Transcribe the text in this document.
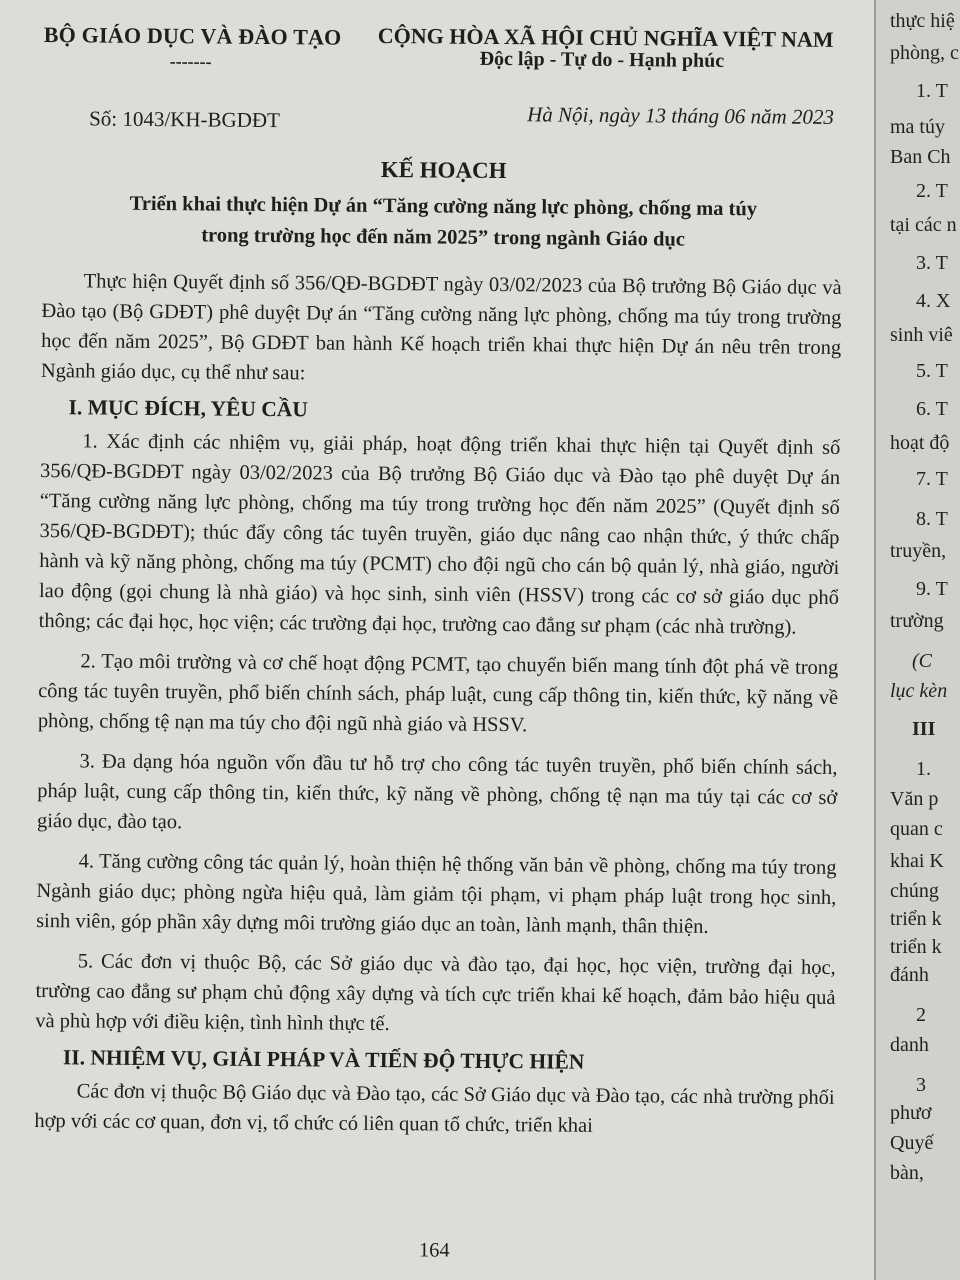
BỘ GIÁO DỤC VÀ ĐÀO TẠO
-------
CỘNG HÒA XÃ HỘI CHỦ NGHĨA VIỆT NAM
Độc lập - Tự do - Hạnh phúc
Số: 1043/KH-BGDĐT	Hà Nội, ngày 13 tháng 06 năm 2023
KẾ HOẠCH
Triển khai thực hiện Dự án “Tăng cường năng lực phòng, chống ma túy
trong trường học đến năm 2025” trong ngành Giáo dục

Thực hiện Quyết định số 356/QĐ-BGDĐT ngày 03/02/2023 của Bộ trưởng Bộ Giáo dục và Đào tạo (Bộ GDĐT) phê duyệt Dự án “Tăng cường năng lực phòng, chống ma túy trong trường học đến năm 2025”, Bộ GDĐT ban hành Kế hoạch triển khai thực hiện Dự án nêu trên trong Ngành giáo dục, cụ thể như sau:

I. MỤC ĐÍCH, YÊU CẦU

1. Xác định các nhiệm vụ, giải pháp, hoạt động triển khai thực hiện tại Quyết định số 356/QĐ-BGDĐT ngày 03/02/2023 của Bộ trưởng Bộ Giáo dục và Đào tạo phê duyệt Dự án “Tăng cường năng lực phòng, chống ma túy trong trường học đến năm 2025” (Quyết định số 356/QĐ-BGDĐT); thúc đẩy công tác tuyên truyền, giáo dục nâng cao nhận thức, ý thức chấp hành và kỹ năng phòng, chống ma túy (PCMT) cho đội ngũ cho cán bộ quản lý, nhà giáo, người lao động (gọi chung là nhà giáo) và học sinh, sinh viên (HSSV) trong các cơ sở giáo dục phổ thông; các đại học, học viện; các trường đại học, trường cao đẳng sư phạm (các nhà trường).

2. Tạo môi trường và cơ chế hoạt động PCMT, tạo chuyển biến mang tính đột phá về trong công tác tuyên truyền, phổ biến chính sách, pháp luật, cung cấp thông tin, kiến thức, kỹ năng về phòng, chống tệ nạn ma túy cho đội ngũ nhà giáo và HSSV.

3. Đa dạng hóa nguồn vốn đầu tư hỗ trợ cho công tác tuyên truyền, phổ biến chính sách, pháp luật, cung cấp thông tin, kiến thức, kỹ năng về phòng, chống tệ nạn ma túy tại các cơ sở giáo dục, đào tạo.

4. Tăng cường công tác quản lý, hoàn thiện hệ thống văn bản về phòng, chống ma túy trong Ngành giáo dục; phòng ngừa hiệu quả, làm giảm tội phạm, vi phạm pháp luật trong học sinh, sinh viên, góp phần xây dựng môi trường giáo dục an toàn, lành mạnh, thân thiện.

5. Các đơn vị thuộc Bộ, các Sở giáo dục và đào tạo, đại học, học viện, trường đại học, trường cao đẳng sư phạm chủ động xây dựng và tích cực triển khai kế hoạch, đảm bảo hiệu quả và phù hợp với điều kiện, tình hình thực tế.

II. NHIỆM VỤ, GIẢI PHÁP VÀ TIẾN ĐỘ THỰC HIỆN

Các đơn vị thuộc Bộ Giáo dục và Đào tạo, các Sở Giáo dục và Đào tạo, các nhà trường phối hợp với các cơ quan, đơn vị, tổ chức có liên quan tổ chức, triển khai

164
thực hiệ
phòng, c
1. T
ma túy
Ban Ch
2. T
tại các n
3. T
4. X
sinh viê
5. T
6. T
hoạt độ
7. T
8. T
truyền,
9. T
trường
(C
lục kèn
III
1.
Văn p
quan c
khai K
chúng
triển k
triển k
đánh
2
danh
3
phươ
Quyế
bàn,
